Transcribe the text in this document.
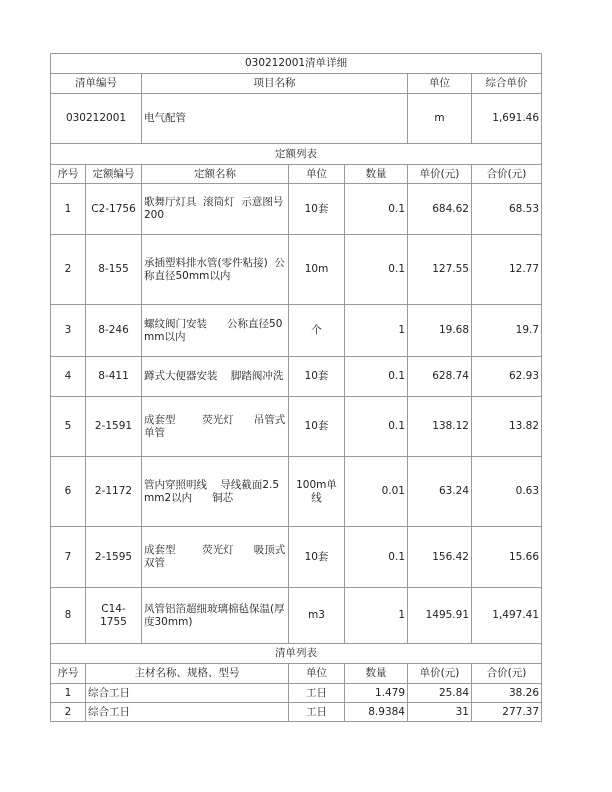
030212001清单详细						
清单编号		项目名称			单位	综合单价
030212001		电气配管			m	1,691.46
定额列表						
序号	定额编号	定额名称	单位	数量	单价(元)	合价(元)
1	C2-1756	歌舞厅灯具  滚筒灯  示意图号  200	10套	0.1	684.62	68.53
2	8-155	承插塑料排水管(零件粘接)  公称直径50mm以内	10m	0.1	127.55	12.77
3	8-246	螺纹阀门安装      公称直径50mm以内	个	1	19.68	19.7
4	8-411	蹲式大便器安装    脚踏阀冲洗	10套	0.1	628.74	62.93
5	2-1591	成套型        荧光灯      吊管式      单管	10套	0.1	138.12	13.82
6	2-1172	管内穿照明线    导线截面2.5mm2以内      铜芯	100m单线	0.01	63.24	0.63
7	2-1595	成套型        荧光灯      吸顶式      双管	10套	0.1	156.42	15.66
8	C14-1755	风管铝箔超细玻璃棉毡保温(厚度30mm)	m3	1	1495.91	1,497.41
清单列表						
序号	主材名称、规格、型号		单位	数量	单价(元)	合价(元)
1	综合工日		工日	1.479	25.84	38.26
2	综合工日		工日	8.9384	31	277.37
